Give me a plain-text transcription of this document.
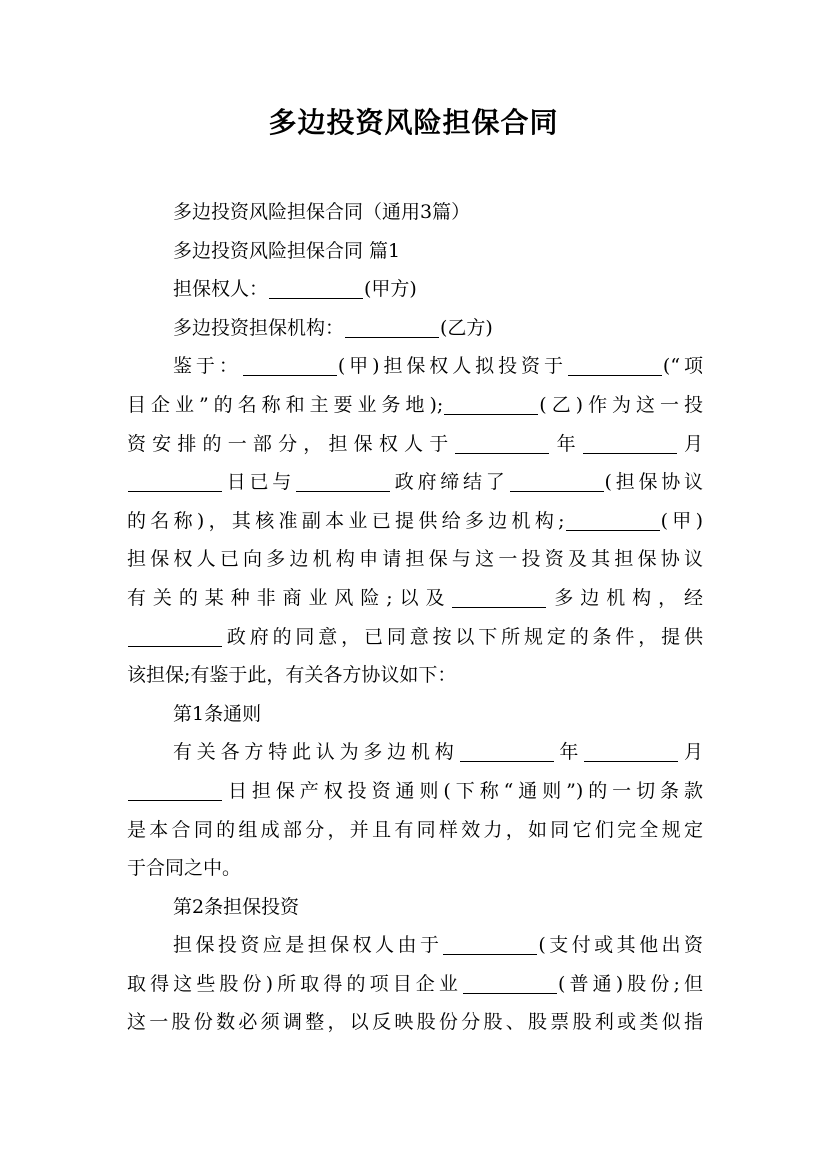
多边投资风险担保合同
多边投资风险担保合同（通用3篇）
多边投资风险担保合同 篇1
担保权人：	(甲方)
多边投资担保机构：	(乙方)
鉴于：	(甲)担保权人拟投资于	(“项
目企业”的名称和主要业务地);	(乙)作为这一投
资安排的一部分，担保权人于	年	月
日已与	政府缔结了	(担保协议
的名称)，其核准副本业已提供给多边机构;	(甲)
担保权人已向多边机构申请担保与这一投资及其担保协议
有关的某种非商业风险;以及	多边机构，经
政府的同意，已同意按以下所规定的条件，提供
该担保;有鉴于此，有关各方协议如下：
第1条通则
有关各方特此认为多边机构	年	月
日担保产权投资通则(下称“通则”)的一切条款
是本合同的组成部分，并且有同样效力，如同它们完全规定
于合同之中。
第2条担保投资
担保投资应是担保权人由于	(支付或其他出资
取得这些股份)所取得的项目企业	(普通)股份;但
这一股份数必须调整，以反映股份分股、股票股利或类似指
